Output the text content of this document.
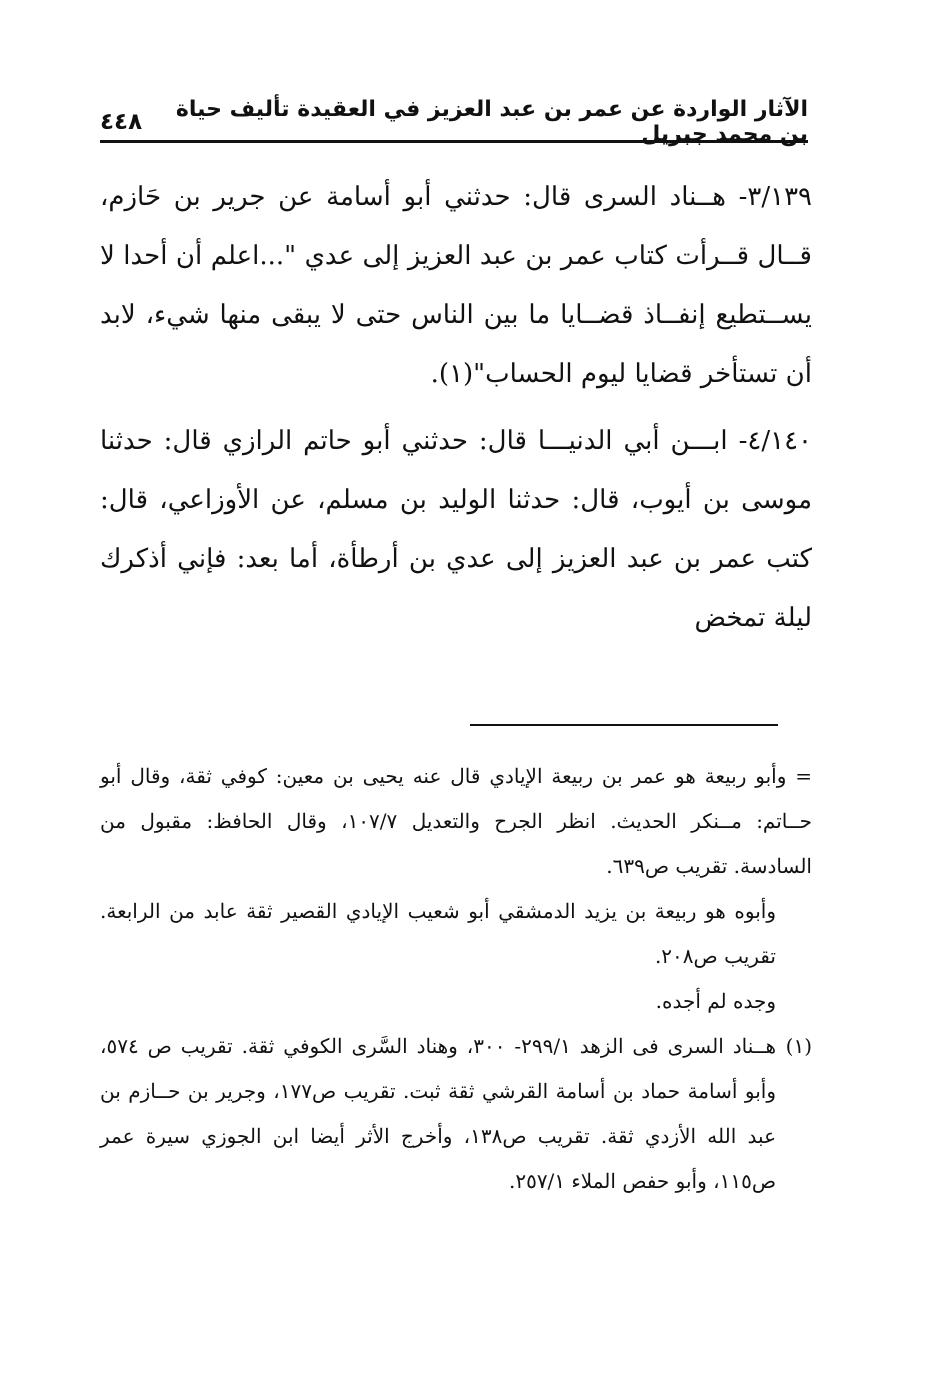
الآثار الواردة عن عمر بن عبد العزيز في العقيدة تأليف حياة بن محمد جبريل
٤٤٨

٣/١٣٩- هــناد السرى قال: حدثني أبو أسامة عن جرير بن حَازم، قــال قــرأت كتاب عمر بن عبد العزيز إلى عدي "...اعلم أن أحدا لا يســتطيع إنفــاذ قضــايا ما بين الناس حتى لا يبقى منها شيء، لابد أن تستأخر قضايا ليوم الحساب"(١).

٤/١٤٠- ابـــن أبي الدنيـــا قال: حدثني أبو حاتم الرازي قال: حدثنا موسى بن أيوب، قال: حدثنا الوليد بن مسلم، عن الأوزاعي، قال: كتب عمر بن عبد العزيز إلى عدي بن أرطأة، أما بعد: فإني أذكرك ليلة تمخض

= وأبو ربيعة هو عمر بن ربيعة الإيادي قال عنه يحيى بن معين: كوفي ثقة، وقال أبو حــاتم: مــنكر الحديث. انظر الجرح والتعديل ١٠٧/٧، وقال الحافظ: مقبول من السادسة. تقريب ص٦٣٩.

وأبوه هو ربيعة بن يزيد الدمشقي أبو شعيب الإيادي القصير ثقة عابد من الرابعة. تقريب ص٢٠٨.

وجده لم أجده.

(١)
هــناد السرى فى الزهد ٢٩٩/١- ٣٠٠، وهناد السَّرى الكوفي ثقة. تقريب ص ٥٧٤، وأبو أسامة حماد بن أسامة القرشي ثقة ثبت. تقريب ص١٧٧، وجرير بن حــازم بن عبد الله الأزدي ثقة. تقريب ص١٣٨، وأخرج الأثر أيضا ابن الجوزي سيرة عمر ص١١٥، وأبو حفص الملاء ٢٥٧/١.
